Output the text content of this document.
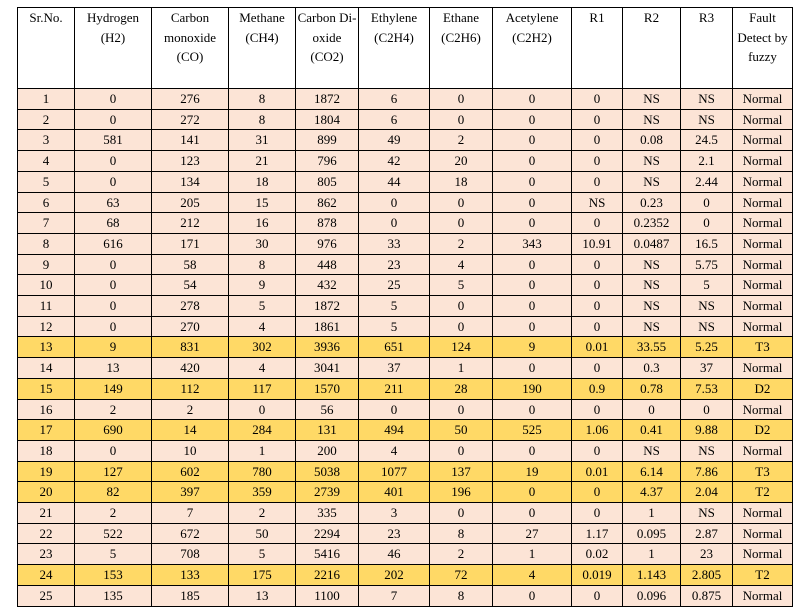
Sr.No.	Hydrogen (H2)	Carbon monoxide (CO)	Methane (CH4)	Carbon Di- oxide (CO2)	Ethylene (C2H4)	Ethane (C2H6)	Acetylene (C2H2)	R1	R2	R3	Fault Detect by fuzzy
1	0	276	8	1872	6	0	0	0	NS	NS	Normal
2	0	272	8	1804	6	0	0	0	NS	NS	Normal
3	581	141	31	899	49	2	0	0	0.08	24.5	Normal
4	0	123	21	796	42	20	0	0	NS	2.1	Normal
5	0	134	18	805	44	18	0	0	NS	2.44	Normal
6	63	205	15	862	0	0	0	NS	0.23	0	Normal
7	68	212	16	878	0	0	0	0	0.2352	0	Normal
8	616	171	30	976	33	2	343	10.91	0.0487	16.5	Normal
9	0	58	8	448	23	4	0	0	NS	5.75	Normal
10	0	54	9	432	25	5	0	0	NS	5	Normal
11	0	278	5	1872	5	0	0	0	NS	NS	Normal
12	0	270	4	1861	5	0	0	0	NS	NS	Normal
13	9	831	302	3936	651	124	9	0.01	33.55	5.25	T3
14	13	420	4	3041	37	1	0	0	0.3	37	Normal
15	149	112	117	1570	211	28	190	0.9	0.78	7.53	D2
16	2	2	0	56	0	0	0	0	0	0	Normal
17	690	14	284	131	494	50	525	1.06	0.41	9.88	D2
18	0	10	1	200	4	0	0	0	NS	NS	Normal
19	127	602	780	5038	1077	137	19	0.01	6.14	7.86	T3
20	82	397	359	2739	401	196	0	0	4.37	2.04	T2
21	2	7	2	335	3	0	0	0	1	NS	Normal
22	522	672	50	2294	23	8	27	1.17	0.095	2.87	Normal
23	5	708	5	5416	46	2	1	0.02	1	23	Normal
24	153	133	175	2216	202	72	4	0.019	1.143	2.805	T2
25	135	185	13	1100	7	8	0	0	0.096	0.875	Normal
